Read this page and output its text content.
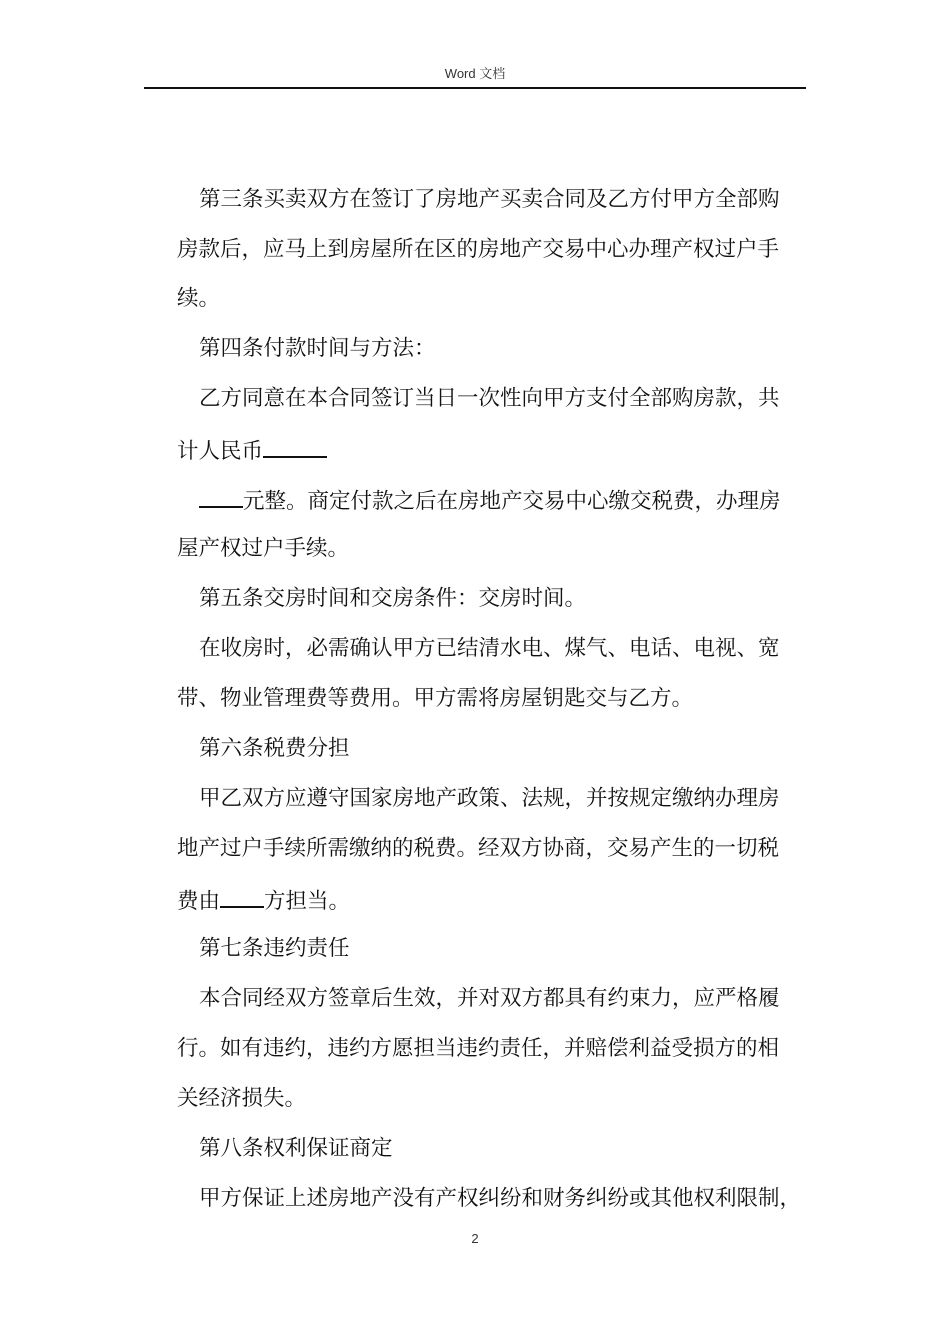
Word 文档
第三条买卖双方在签订了房地产买卖合同及乙方付甲方全部购
房款后，应马上到房屋所在区的房地产交易中心办理产权过户手
续。
第四条付款时间与方法：
乙方同意在本合同签订当日一次性向甲方支付全部购房款，共
计人民币
元整。商定付款之后在房地产交易中心缴交税费，办理房
屋产权过户手续。
第五条交房时间和交房条件：交房时间。
在收房时，必需确认甲方已结清水电、煤气、电话、电视、宽
带、物业管理费等费用。甲方需将房屋钥匙交与乙方。
第六条税费分担
甲乙双方应遵守国家房地产政策、法规，并按规定缴纳办理房
地产过户手续所需缴纳的税费。经双方协商，交易产生的一切税
费由 方担当。
第七条违约责任
本合同经双方签章后生效，并对双方都具有约束力，应严格履
行。如有违约，违约方愿担当违约责任，并赔偿利益受损方的相
关经济损失。
第八条权利保证商定
甲方保证上述房地产没有产权纠纷和财务纠纷或其他权利限制，
2
